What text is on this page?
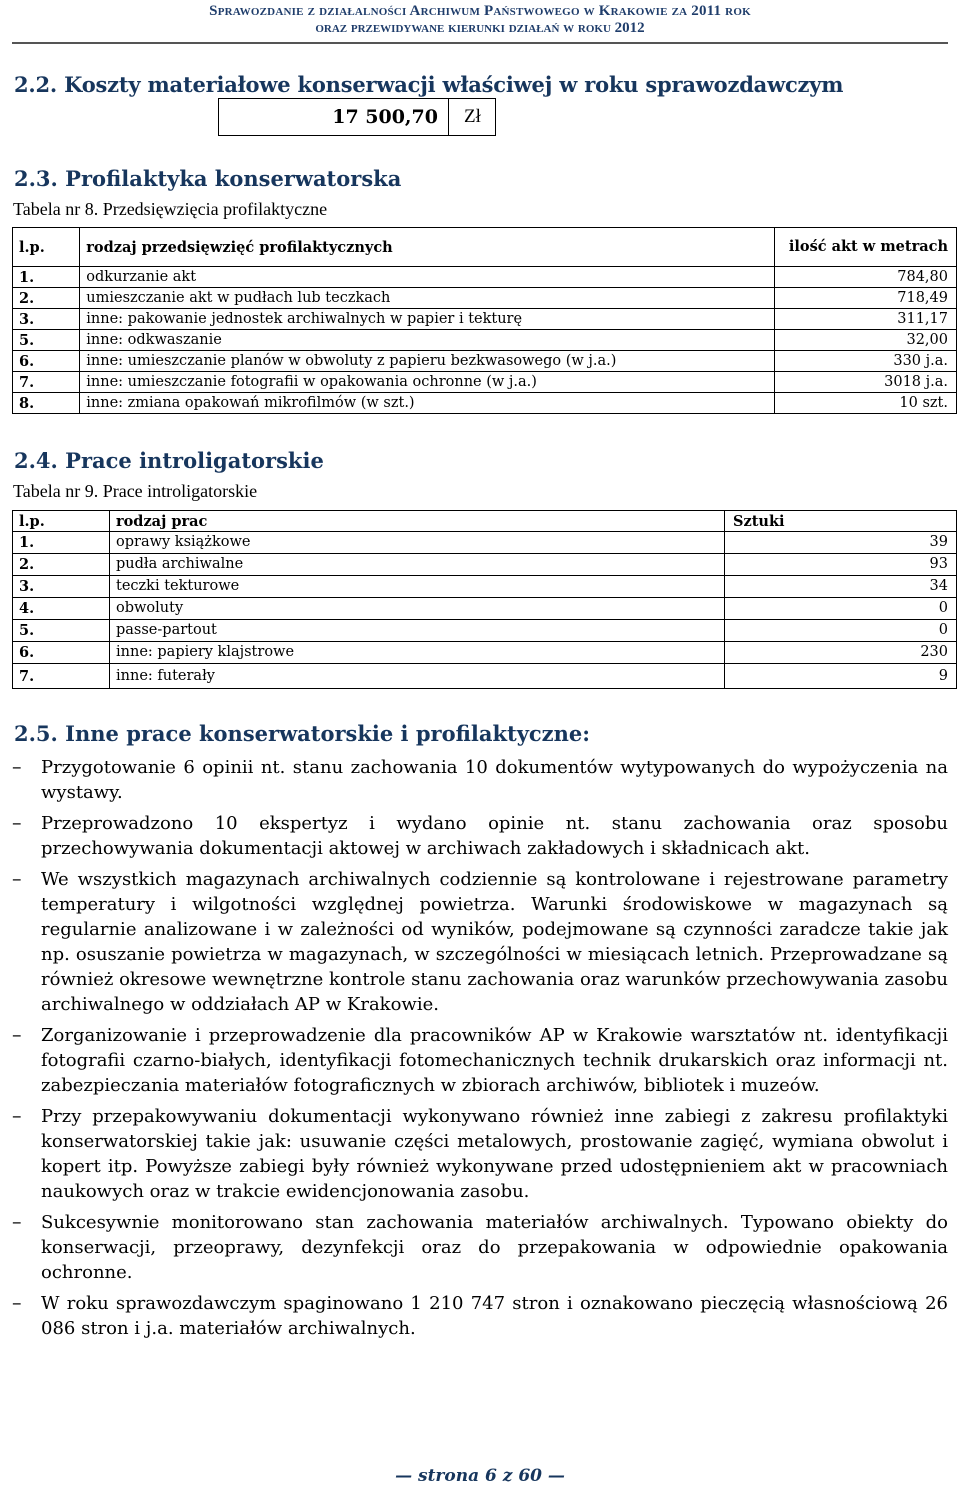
Sprawozdanie z działalności Archiwum Państwowego w Krakowie za 2011 rok
oraz przewidywane kierunki działań w roku 2012
2.2. Koszty materiałowe konserwacji właściwej w roku sprawozdawczym
17 500,70	Zł
2.3. Profilaktyka konserwatorska
Tabela nr 8. Przedsięwzięcia profilaktyczne
l.p.	rodzaj przedsięwzięć profilaktycznych	ilość akt w metrach
1.	odkurzanie akt	784,80
2.	umieszczanie akt w pudłach lub teczkach	718,49
3.	inne: pakowanie jednostek archiwalnych w papier i tekturę	311,17
5.	inne: odkwaszanie	32,00
6.	inne: umieszczanie planów w obwoluty z papieru bezkwasowego (w j.a.)	330 j.a.
7.	inne: umieszczanie fotografii w opakowania ochronne (w j.a.)	3018 j.a.
8.	inne: zmiana opakowań mikrofilmów (w szt.)	10 szt.
2.4. Prace introligatorskie
Tabela nr 9. Prace introligatorskie
l.p.	rodzaj prac	Sztuki
1.	oprawy książkowe	39
2.	pudła archiwalne	93
3.	teczki tekturowe	34
4.	obwoluty	0
5.	passe-partout	0
6.	inne: papiery klajstrowe	230
7.	inne: futerały	9
2.5. Inne prace konserwatorskie i profilaktyczne:
– Przygotowanie 6 opinii nt. stanu zachowania 10 dokumentów wytypowanych do wypożyczenia na wystawy.
– Przeprowadzono 10 ekspertyz i wydano opinie nt. stanu zachowania oraz sposobu przechowywania dokumentacji aktowej w archiwach zakładowych i składnicach akt.
– We wszystkich magazynach archiwalnych codziennie są kontrolowane i rejestrowane parametry temperatury i wilgotności względnej powietrza. Warunki środowiskowe w magazynach są regularnie analizowane i w zależności od wyników, podejmowane są czynności zaradcze takie jak np. osuszanie powietrza w magazynach, w szczególności w miesiącach letnich. Przeprowadzane są również okresowe wewnętrzne kontrole stanu zachowania oraz warunków przechowywania zasobu archiwalnego w oddziałach AP w Krakowie.
– Zorganizowanie i przeprowadzenie dla pracowników AP w Krakowie warsztatów nt. identyfikacji fotografii czarno-białych, identyfikacji fotomechanicznych technik drukarskich oraz informacji nt. zabezpieczania materiałów fotograficznych w zbiorach archiwów, bibliotek i muzeów.
– Przy przepakowywaniu dokumentacji wykonywano również inne zabiegi z zakresu profilaktyki konserwatorskiej takie jak: usuwanie części metalowych, prostowanie zagięć, wymiana obwolut i kopert itp. Powyższe zabiegi były również wykonywane przed udostępnieniem akt w pracowniach naukowych oraz w trakcie ewidencjonowania zasobu.
– Sukcesywnie monitorowano stan zachowania materiałów archiwalnych. Typowano obiekty do konserwacji, przeoprawy, dezynfekcji oraz do przepakowania w odpowiednie opakowania ochronne.
– W roku sprawozdawczym spaginowano 1 210 747 stron i oznakowano pieczęcią własnościową 26 086 stron i j.a. materiałów archiwalnych.
— strona 6 z 60 —
